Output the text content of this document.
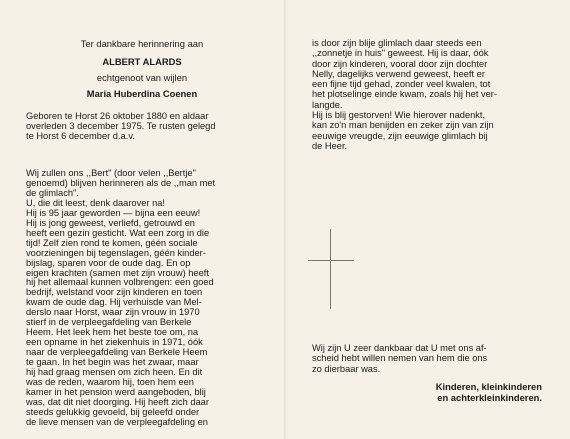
Ter dankbare herinnering aan
ALBERT ALARDS
echtgenoot van wijlen
Maria Huberdina Coenen
Geboren te Horst 26 oktober 1880 en aldaar
overleden 3 december 1975. Te rusten gelegd
te Horst 6 december d.a.v.
Wij zullen ons ,,Bert" (door velen ,,Bertje"
genoemd) blijven herinneren als de ,,man met
de glimlach".
U, die dit leest, denk daarover na!
Hij is 95 jaar geworden — bijna een eeuw!
Hij is jong geweest, verliefd, getrouwd en
heeft een gezin gesticht. Wat een zorg in die
tijd! Zelf zien rond te komen, géén sociale
voorzieningen bij tegenslagen, géén kinder-
bijslag, sparen voor de oude dag. En op
eigen krachten (samen met zijn vrouw) heeft
hij het allemaal kunnen volbrengen: een goed
bedrijf, welstand voor zijn kinderen en toen
kwam de oude dag. Hij verhuisde van Mel-
derslo naar Horst, waar zijn vrouw in 1970
stierf in de verpleegafdeling van Berkele
Heem. Het leek hem het beste toe om, na
een opname in het ziekenhuis in 1971, óók
naar de verpleegafdeling van Berkele Heem
te gaan. In het begin was het zwaar, maar
hij had graag mensen om zich heen. En dit
was de reden, waarom hij, toen hem een
kamer in het pension werd aangeboden, blij
was, dat dit niet doorging. Hij heeft zich daar
steeds gelukkig gevoeld, bij geleefd onder
de lieve mensen van de verpleegafdeling en
is door zijn blije glimlach daar steeds een
,,zonnetje in huis" geweest. Hij is daar, óók
door zijn kinderen, vooral door zijn dochter
Nelly, dagelijks verwend geweest, heeft er
een fijne tijd gehad, zonder veel kwalen, tot
het plotselinge einde kwam, zoals hij het ver-
langde.
Hij is blij gestorven! Wie hierover nadenkt,
kan zo'n man benijden en zeker zijn van zijn
eeuwige vreugde, zijn eeuwige glimlach bij
de Heer.
Wij zijn U zeer dankbaar dat U met ons af-
scheid hebt willen nemen van hem die ons
zo dierbaar was.
Kinderen, kleinkinderen
en achterkleinkinderen.
